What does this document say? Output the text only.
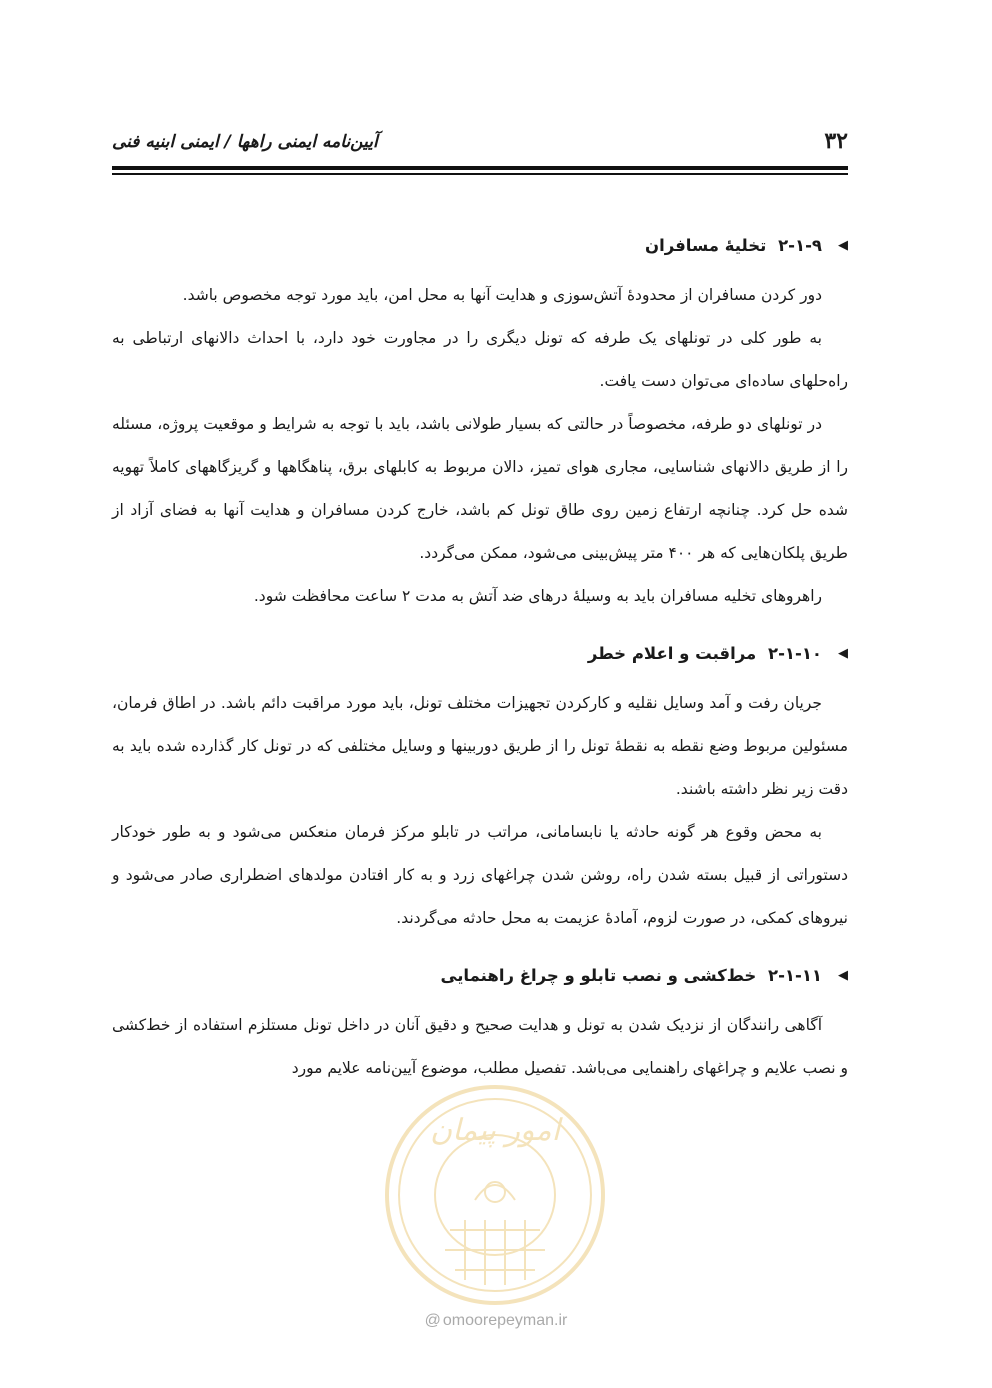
۳۲
آیین‌نامه ایمنی راهها / ایمنی ابنیه فنی
◀
۲-۱-۹ تخلیهٔ مسافران

دور کردن مسافران از محدودهٔ آتش‌سوزی و هدایت آنها به محل امن، باید مورد توجه مخصوص باشد.

به طور کلی در تونلهای یک طرفه که تونل دیگری را در مجاورت خود دارد، با احداث دالانهای ارتباطی به راه‌حلهای ساده‌ای می‌توان دست یافت.

در تونلهای دو طرفه، مخصوصاً در حالتی که بسیار طولانی باشد، باید با توجه به شرایط و موقعیت پروژه، مسئله را از طریق دالانهای شناسایی، مجاری هوای تمیز، دالان مربوط به کابلهای برق، پناهگاهها و گریزگاههای کاملاً تهویه شده حل کرد. چنانچه ارتفاع زمین روی طاق تونل کم باشد، خارج کردن مسافران و هدایت آنها به فضای آزاد از طریق پلکان‌هایی که هر ۴۰۰ متر پیش‌بینی می‌شود، ممکن می‌گردد.

راهروهای تخلیه مسافران باید به وسیلهٔ درهای ضد آتش به مدت ۲ ساعت محافظت شود.

◀
۲-۱-۱۰ مراقبت و اعلام خطر

جریان رفت و آمد وسایل نقلیه و کارکردن تجهیزات مختلف تونل، باید مورد مراقبت دائم باشد. در اطاق فرمان، مسئولین مربوط وضع نقطه به نقطهٔ تونل را از طریق دوربینها و وسایل مختلفی که در تونل کار گذارده شده باید به دقت زیر نظر داشته باشند.

به محض وقوع هر گونه حادثه یا نابسامانی، مراتب در تابلو مرکز فرمان منعکس می‌شود و به طور خودکار دستوراتی از قبیل بسته شدن راه، روشن شدن چراغهای زرد و به کار افتادن مولدهای اضطراری صادر می‌شود و نیروهای کمکی، در صورت لزوم، آمادهٔ عزیمت به محل حادثه می‌گردند.

◀
۲-۱-۱۱ خط‌کشی و نصب تابلو و چراغ راهنمایی

آگاهی رانندگان از نزدیک شدن به تونل و هدایت صحیح و دقیق آنان در داخل تونل مستلزم استفاده از خط‌کشی و نصب علایم و چراغهای راهنمایی می‌باشد. تفصیل مطلب، موضوع آیین‌نامه علایم مورد

امور پیمان
@ omoorepeyman.ir
